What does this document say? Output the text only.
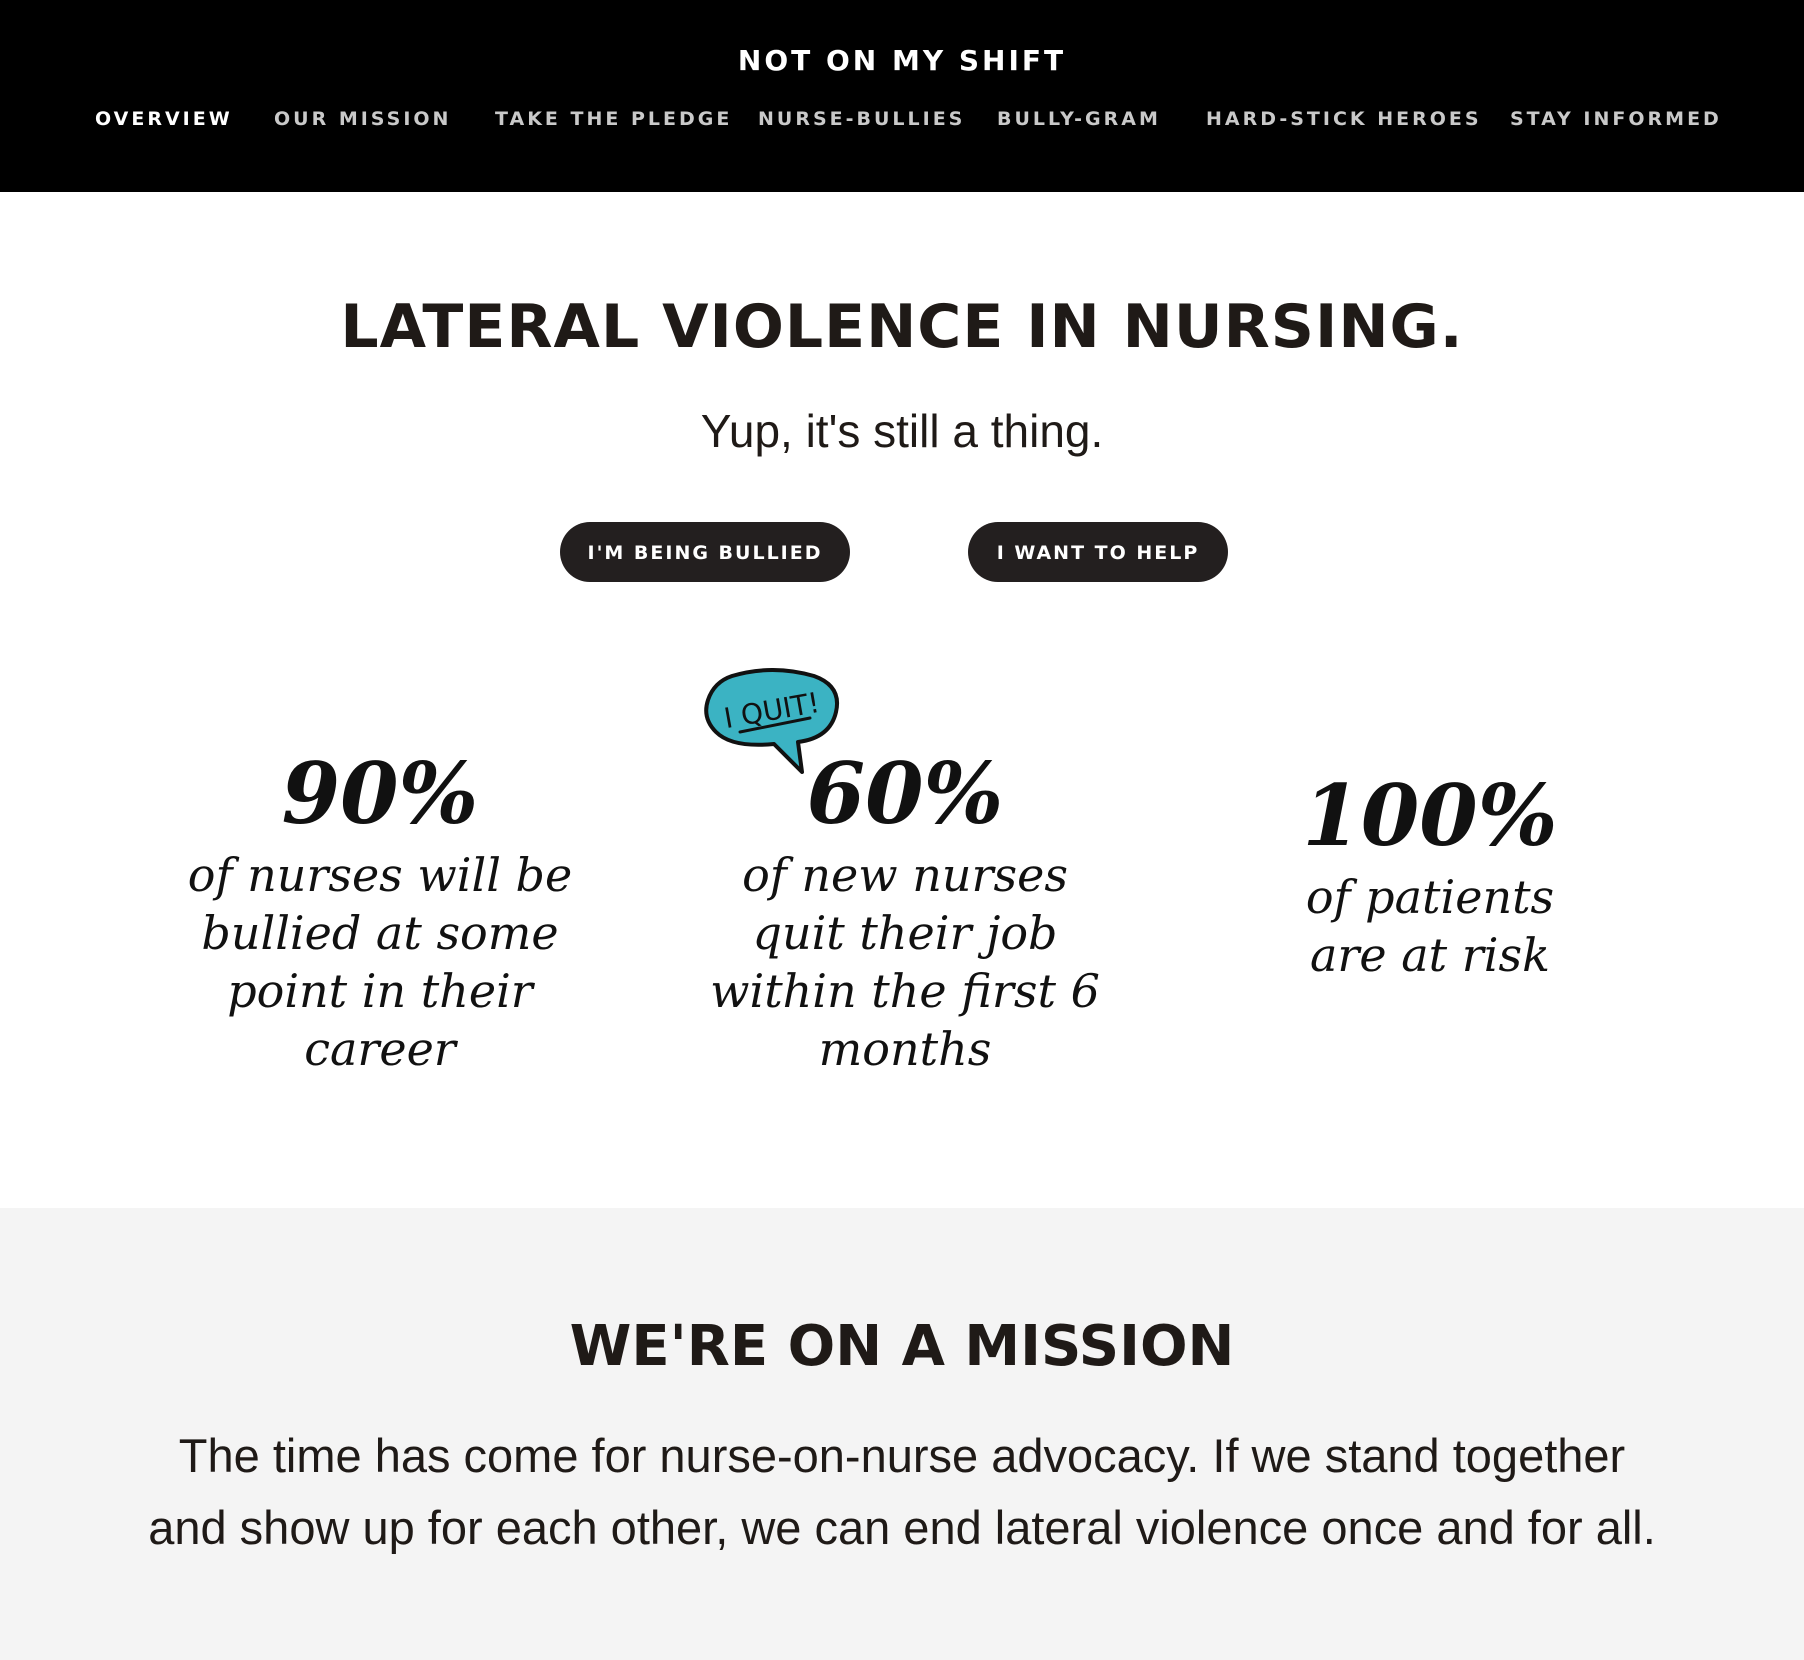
NOT ON MY SHIFT
OVERVIEW OUR MISSION TAKE THE PLEDGE NURSE-BULLIES BULLY-GRAM HARD-STICK HEROES STAY INFORMED
LATERAL VIOLENCE IN NURSING.

Yup, it's still a thing.

I'M BEING BULLIED	I WANT TO HELP
I QUIT!
90%
of nurses will be bullied at some point in their career
60%
of new nurses quit their job within the first 6 months
100%
of patients are at risk
WE'RE ON A MISSION

The time has come for nurse-on-nurse advocacy. If we stand together and show up for each other, we can end lateral violence once and for all.
